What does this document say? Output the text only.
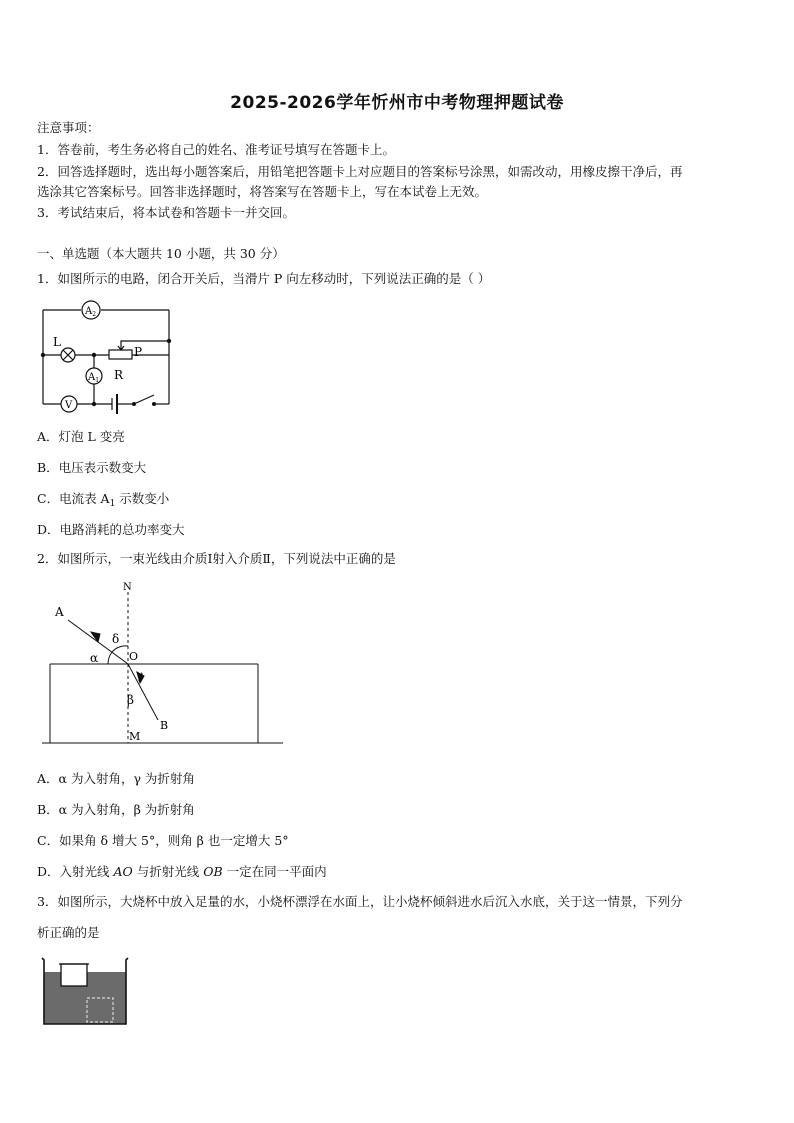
2025-2026学年忻州市中考物理押题试卷
注意事项：
1．答卷前，考生务必将自己的姓名、准考证号填写在答题卡上。
2．回答选择题时，选出每小题答案后，用铅笔把答题卡上对应题目的答案标号涂黑，如需改动，用橡皮擦干净后，再
选涂其它答案标号。回答非选择题时，将答案写在答题卡上，写在本试卷上无效。
3．考试结束后，将本试卷和答题卡一并交回。
一、单选题（本大题共 10 小题，共 30 分）
1．如图所示的电路，闭合开关后，当滑片 P 向左移动时，下列说法正确的是（ ）
$A_2$
$A_1$
L
P
R
V
A．灯泡 L 变亮
B．电压表示数变大
C．电流表 $A_1$ 示数变小
D．电路消耗的总功率变大
2．如图所示，一束光线由介质Ⅰ射入介质Ⅱ，下列说法中正确的是
N
A
δ
α	O
γ
β
B
M
A．α 为入射角，γ 为折射角
B．α 为入射角，β 为折射角
C．如果角 δ 增大 5°，则角 β 也一定增大 5°
D．入射光线 AO 与折射光线 OB 一定在同一平面内
3．如图所示，大烧杯中放入足量的水，小烧杯漂浮在水面上，让小烧杯倾斜进水后沉入水底，关于这一情景，下列分
析正确的是
